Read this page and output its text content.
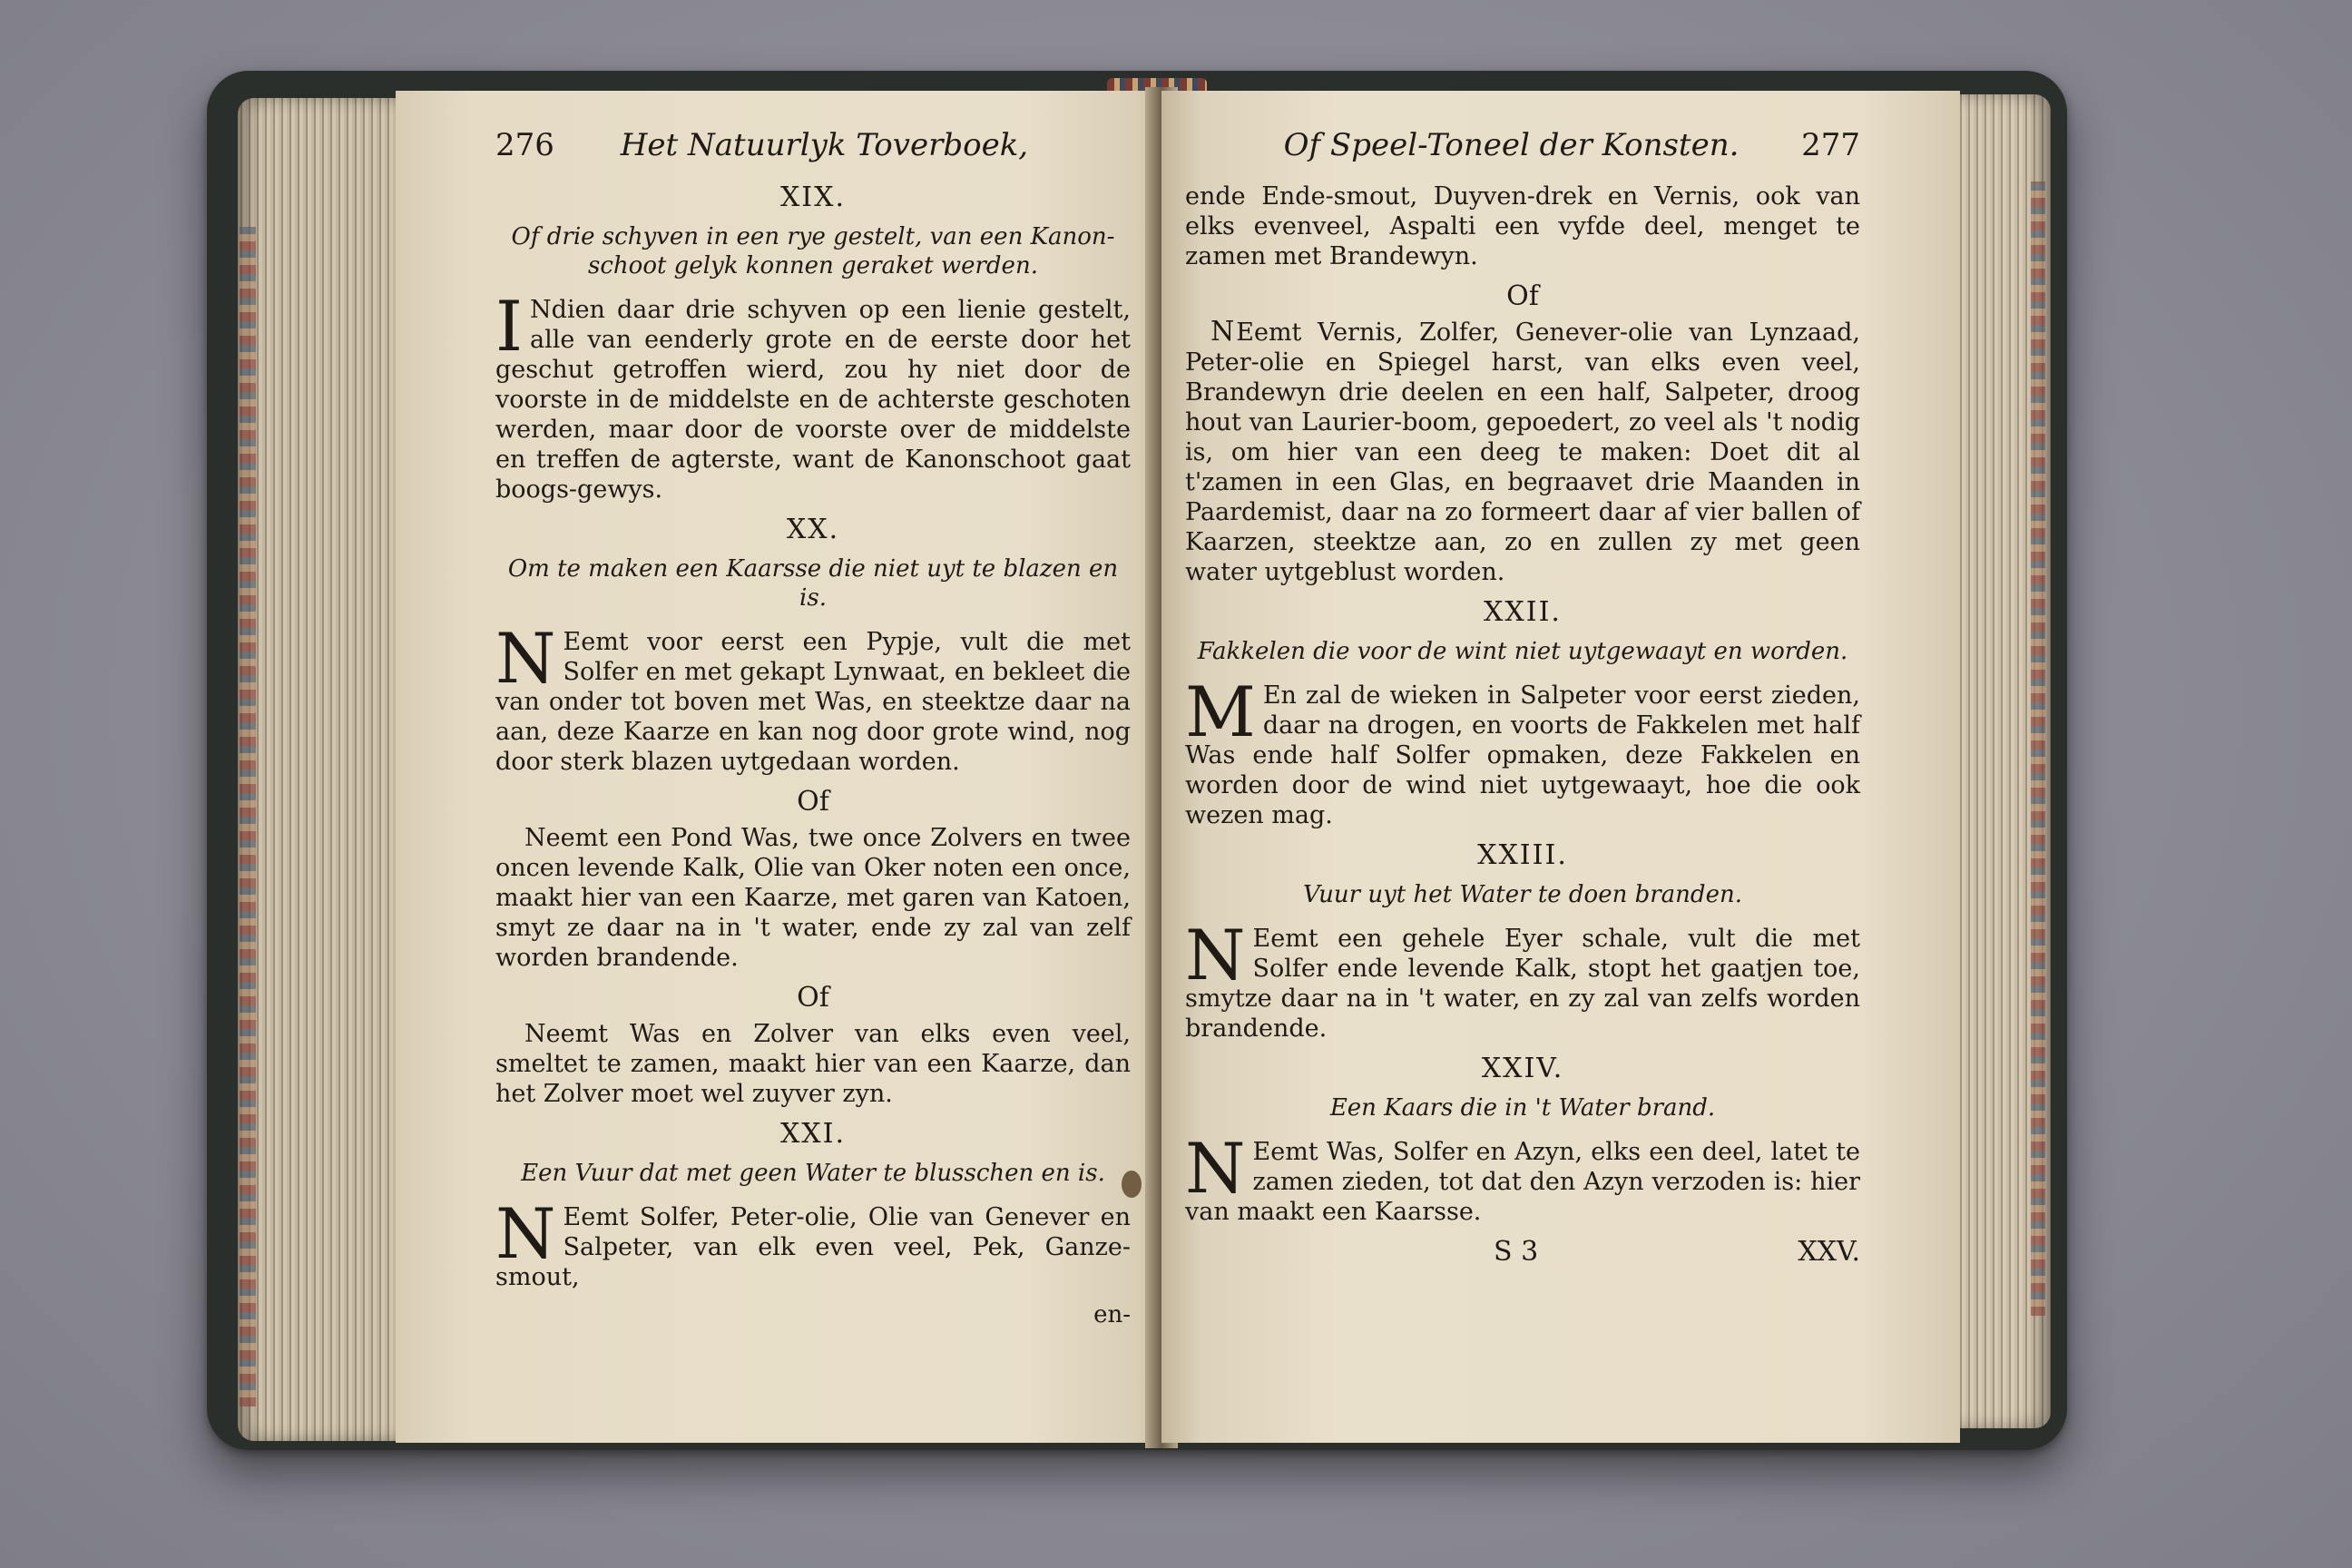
276 Het Natuurlyk Toverboek,
XIX.
Of drie schyven in een rye gestelt, van een Kanon-schoot gelyk konnen geraket werden.
I Ndien daar drie schyven op een lienie gestelt, alle van eenderly grote en de eerste door het geschut getroffen wierd, zou hy niet door de voorste in de middelste en de achterste geschoten werden, maar door de voorste over de middelste en treffen de agterste, want de Kanonschoot gaat boogs-gewys.
XX.
Om te maken een Kaarsse die niet uyt te blazen en is.
N Eemt voor eerst een Pypje, vult die met Solfer en met gekapt Lynwaat, en bekleet die van onder tot boven met Was, en steektze daar na aan, deze Kaarze en kan nog door grote wind, nog door sterk blazen uytgedaan worden.
Of
Neemt een Pond Was, twe once Zolvers en twee oncen levende Kalk, Olie van Oker noten een once, maakt hier van een Kaarze, met garen van Katoen, smyt ze daar na in 't water, ende zy zal van zelf worden brandende.
Of
Neemt Was en Zolver van elks even veel, smeltet te zamen, maakt hier van een Kaarze, dan het Zolver moet wel zuyver zyn.
XXI.
Een Vuur dat met geen Water te blusschen en is.
N Eemt Solfer, Peter-olie, Olie van Genever en Salpeter, van elk even veel, Pek, Ganze-smout,
en-
Of Speel-Toneel der Konsten. 277
ende Ende-smout, Duyven-drek en Vernis, ook van elks evenveel, Aspalti een vyfde deel, menget te zamen met Brandewyn.
Of
NEemt Vernis, Zolfer, Genever-olie van Lynzaad, Peter-olie en Spiegel harst, van elks even veel, Brandewyn drie deelen en een half, Salpeter, droog hout van Laurier-boom, gepoedert, zo veel als 't nodig is, om hier van een deeg te maken: Doet dit al t'zamen in een Glas, en begraavet drie Maanden in Paardemist, daar na zo formeert daar af vier ballen of Kaarzen, steektze aan, zo en zullen zy met geen water uytgeblust worden.
XXII.
Fakkelen die voor de wint niet uytgewaayt en worden.
M En zal de wieken in Salpeter voor eerst zieden, daar na drogen, en voorts de Fakkelen met half Was ende half Solfer opmaken, deze Fakkelen en worden door de wind niet uytgewaayt, hoe die ook wezen mag.
XXIII.
Vuur uyt het Water te doen branden.
N Eemt een gehele Eyer schale, vult die met Solfer ende levende Kalk, stopt het gaatjen toe, smytze daar na in 't water, en zy zal van zelfs worden brandende.
XXIV.
Een Kaars die in 't Water brand.
N Eemt Was, Solfer en Azyn, elks een deel, latet te zamen zieden, tot dat den Azyn verzoden is: hier van maakt een Kaarsse.
S 3	XXV.
